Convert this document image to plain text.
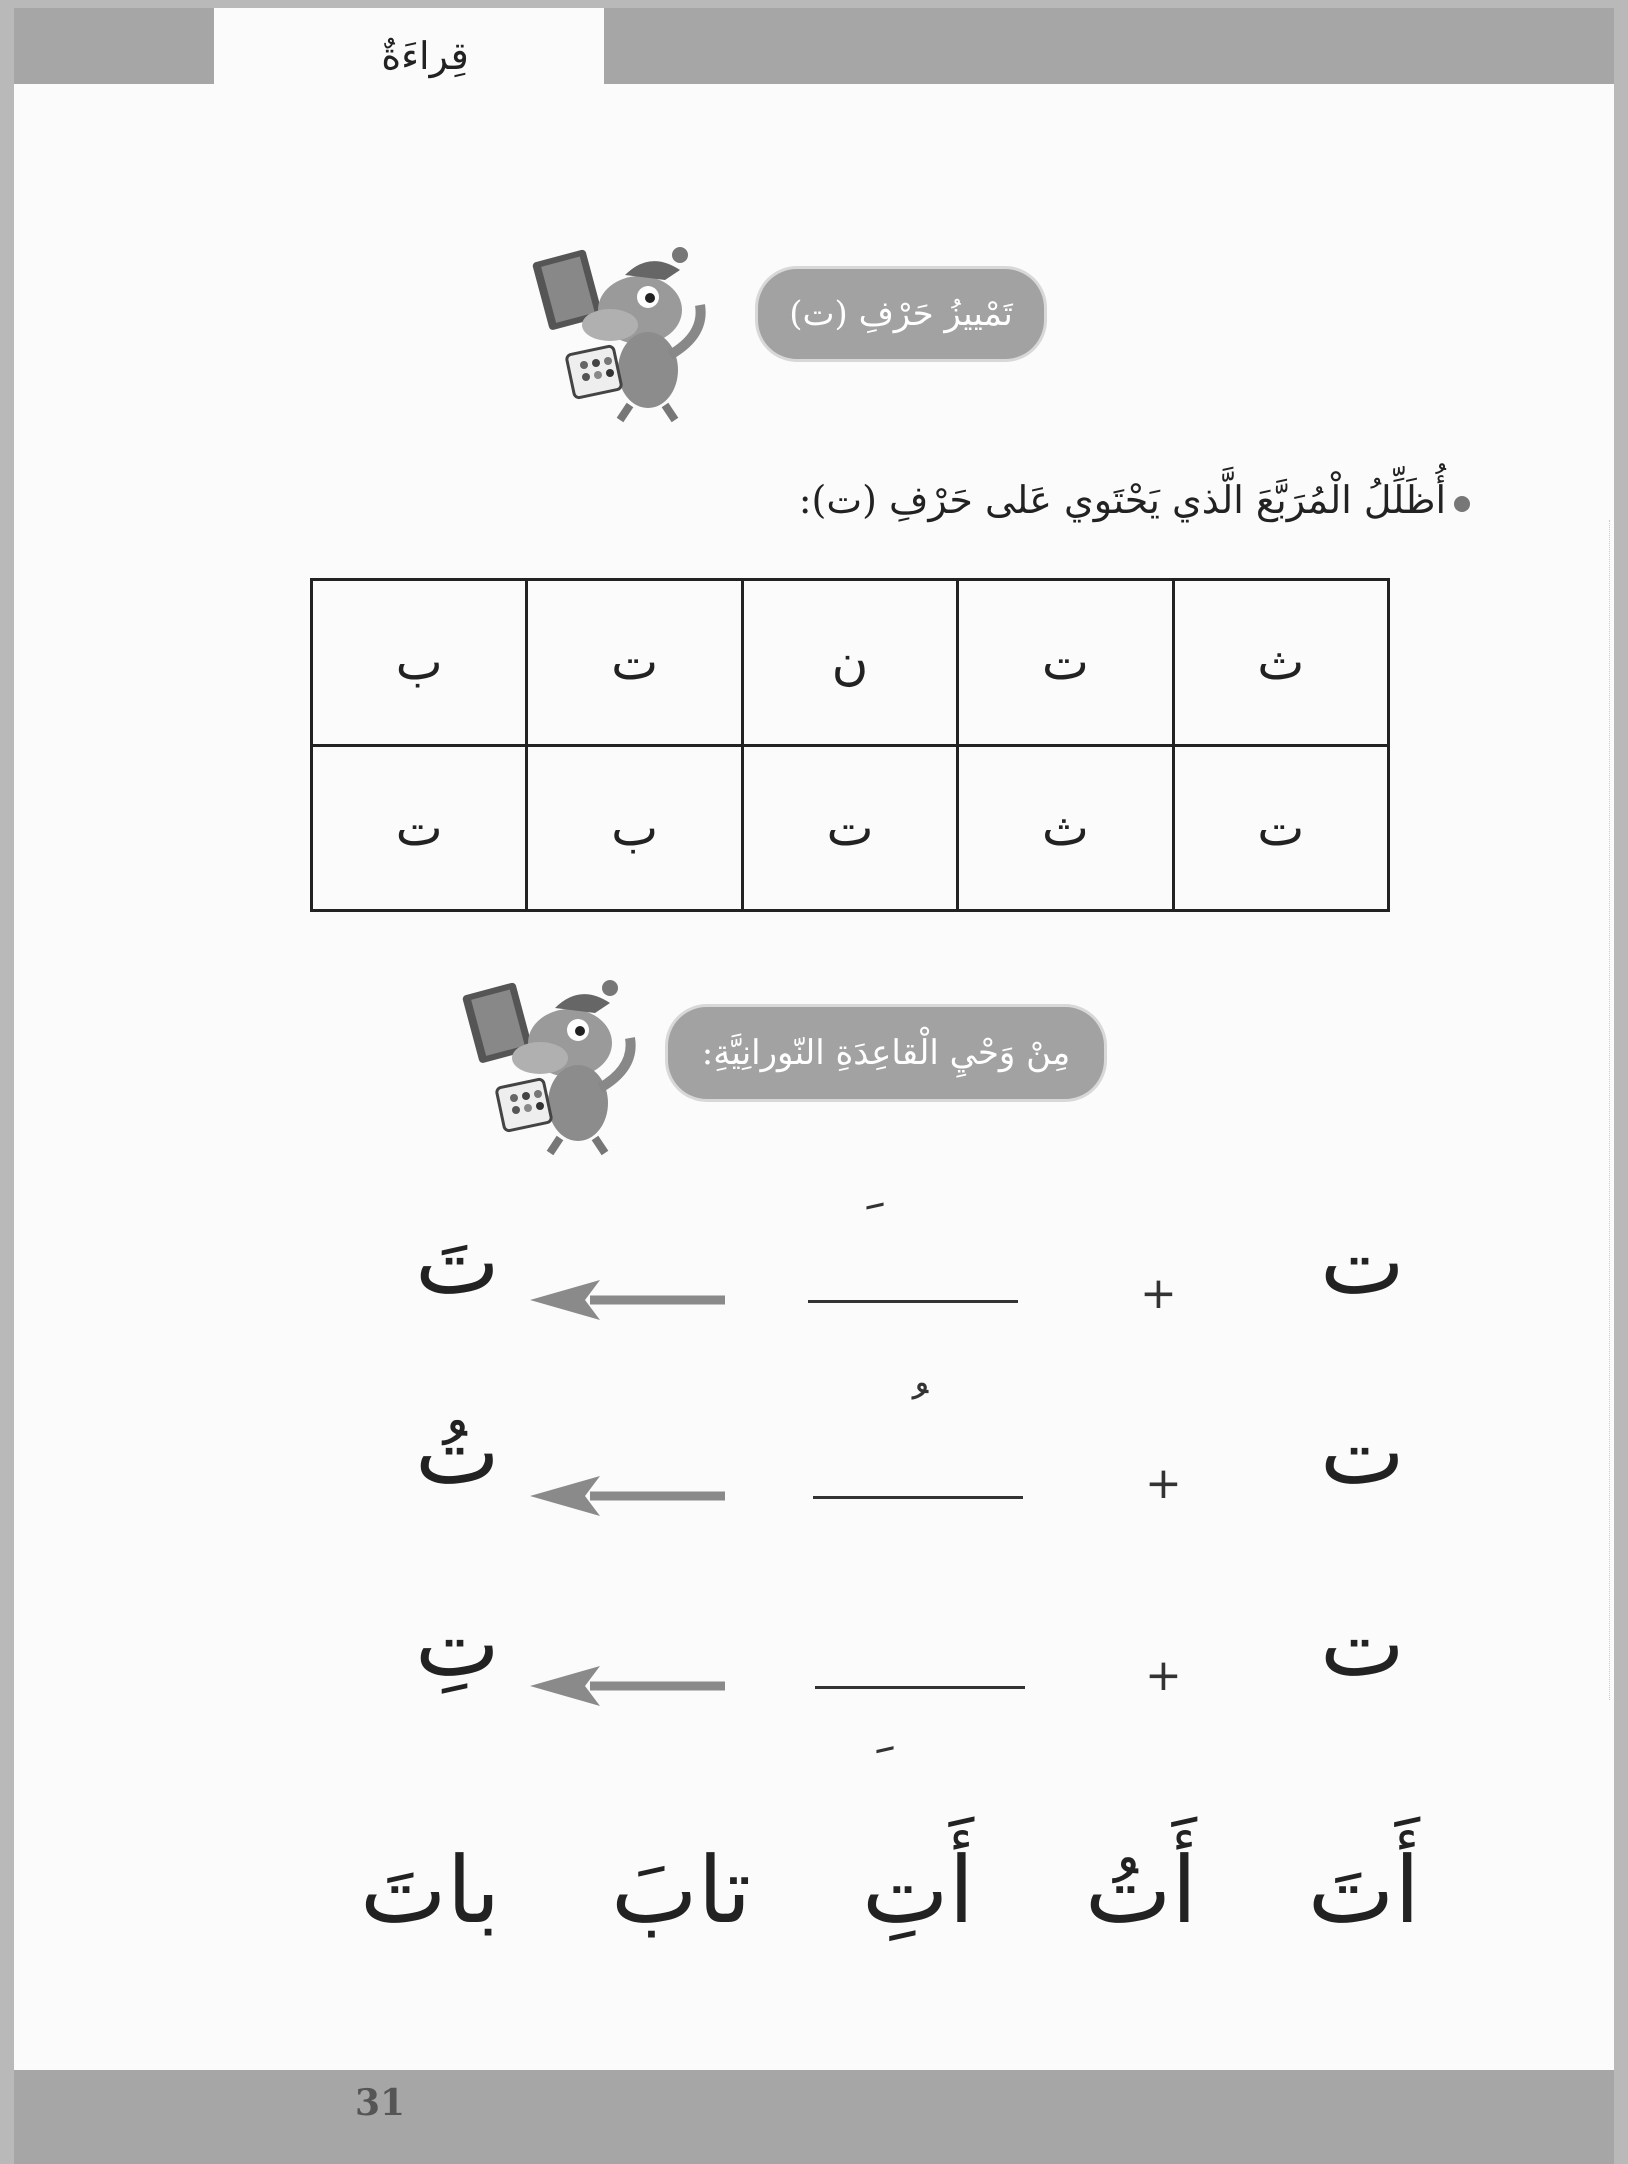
قِراءَةٌ
تَمْييزُ حَرْفِ (ت)
أُظَلِّلُ الْمُرَبَّعَ الَّذي يَحْتَوي عَلى حَرْفِ (ت):
ث	ت	ن	ت	ب
ت	ث	ت	ب	ت
مِنْ وَحْيِ الْقاعِدَةِ النّورانِيَّةِ:
ت
+
تَ
ت
+
تُ
ت
+
تِ
أَتَ
أَتُ
أَتِ
تابَ
باتَ
31
